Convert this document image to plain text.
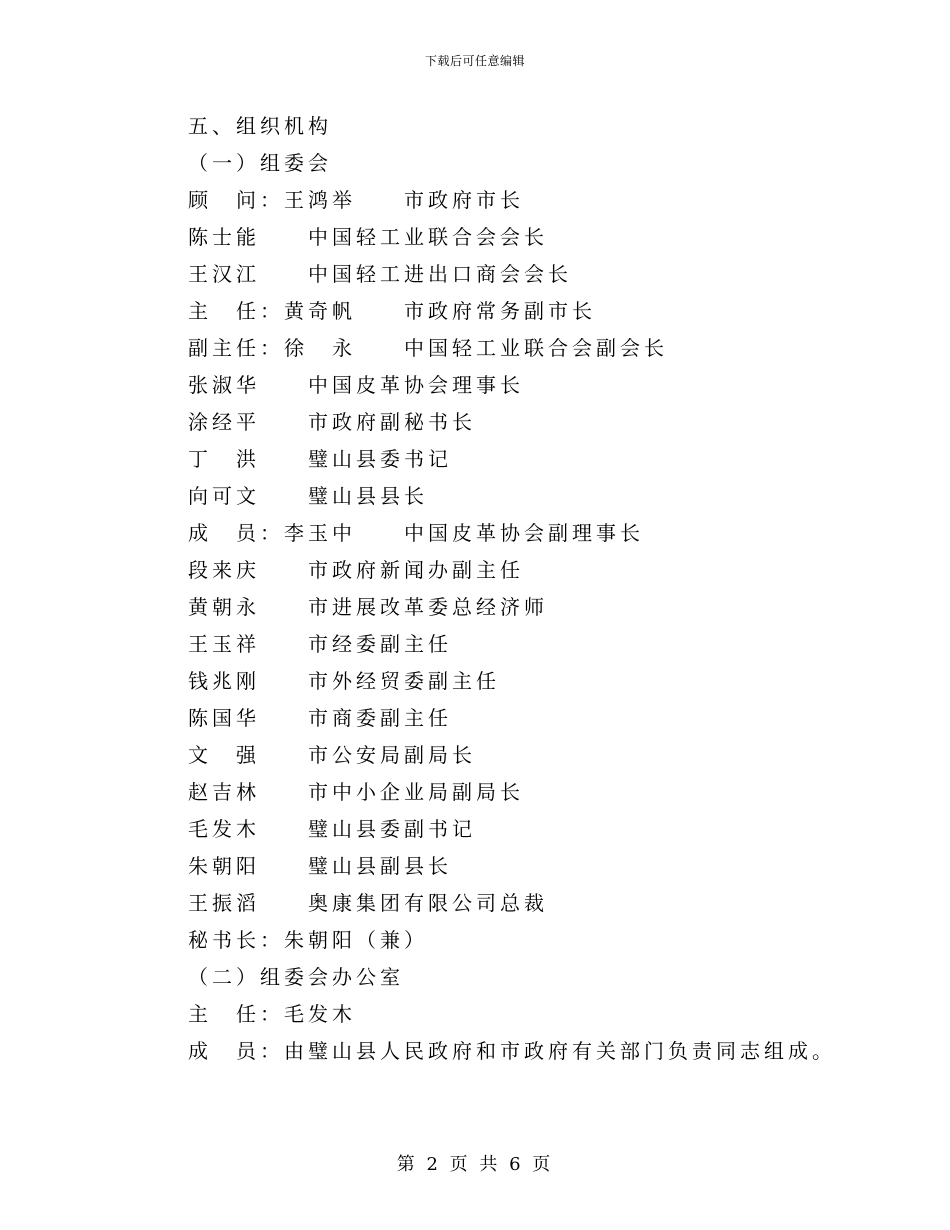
下载后可任意编辑
五、组织机构
（一）组委会
顾　问：王鸿举　　市政府市长
陈士能　　中国轻工业联合会会长
王汉江　　中国轻工进出口商会会长
主　任：黄奇帆　　市政府常务副市长
副主任：徐　永　　中国轻工业联合会副会长
张淑华　　中国皮革协会理事长
涂经平　　市政府副秘书长
丁　洪　　璧山县委书记
向可文　　璧山县县长
成　员：李玉中　　中国皮革协会副理事长
段来庆　　市政府新闻办副主任
黄朝永　　市进展改革委总经济师
王玉祥　　市经委副主任
钱兆刚　　市外经贸委副主任
陈国华　　市商委副主任
文　强　　市公安局副局长
赵吉林　　市中小企业局副局长
毛发木　　璧山县委副书记
朱朝阳　　璧山县副县长
王振滔　　奥康集团有限公司总裁
秘书长：朱朝阳（兼）
（二）组委会办公室
主　任：毛发木
成　员：由璧山县人民政府和市政府有关部门负责同志组成。
第 2 页 共 6 页
